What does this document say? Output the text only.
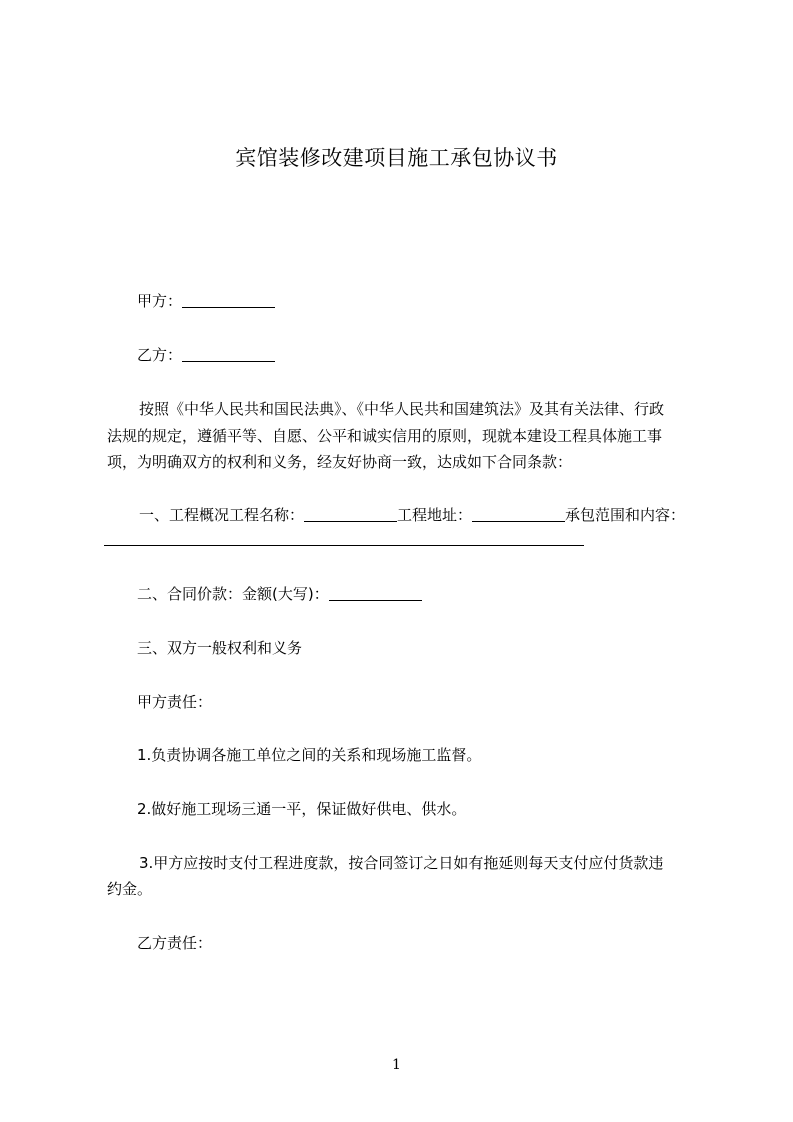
宾馆装修改建项目施工承包协议书
甲方：
乙方：
按照《中华人民共和国民法典》、《中华人民共和国建筑法》及其有关法律、行政
法规的规定，遵循平等、自愿、公平和诚实信用的原则，现就本建设工程具体施工事
项，为明确双方的权利和义务，经友好协商一致，达成如下合同条款：
一、工程概况工程名称：	工程地址：	承包范围和内容：
二、合同价款：金额(大写)：
三、双方一般权利和义务
甲方责任：
1.负责协调各施工单位之间的关系和现场施工监督。
2.做好施工现场三通一平，保证做好供电、供水。
3.甲方应按时支付工程进度款，按合同签订之日如有拖延则每天支付应付货款违
约金。
乙方责任：
1
